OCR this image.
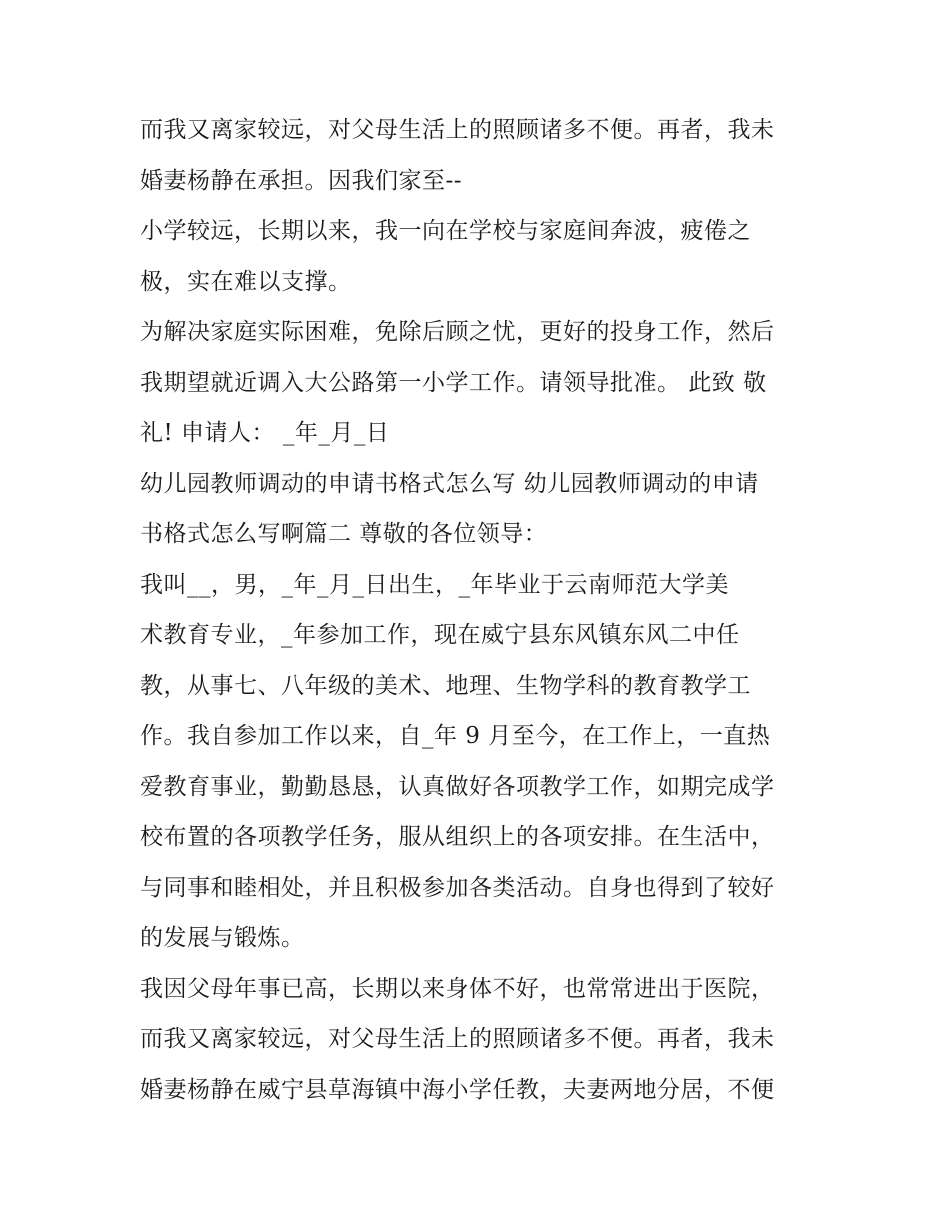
而我又离家较远，对父母生活上的照顾诸多不便。再者，我未
婚妻杨静在承担。因我们家至--
小学较远，长期以来，我一向在学校与家庭间奔波，疲倦之
极，实在难以支撑。
为解决家庭实际困难，免除后顾之忧，更好的投身工作，然后
我期望就近调入大公路第一小学工作。请领导批准。 此致 敬
礼! 申请人： _年_月_日
幼儿园教师调动的申请书格式怎么写 幼儿园教师调动的申请
书格式怎么写啊篇二 尊敬的各位领导：
我叫__，男，_年_月_日出生，_年毕业于云南师范大学美
术教育专业，_年参加工作，现在威宁县东风镇东风二中任
教，从事七、八年级的美术、地理、生物学科的教育教学工
作。我自参加工作以来，自_年 9 月至今，在工作上，一直热
爱教育事业，勤勤恳恳，认真做好各项教学工作，如期完成学
校布置的各项教学任务，服从组织上的各项安排。在生活中，
与同事和睦相处，并且积极参加各类活动。自身也得到了较好
的发展与锻炼。
我因父母年事已高，长期以来身体不好，也常常进出于医院，
而我又离家较远，对父母生活上的照顾诸多不便。再者，我未
婚妻杨静在威宁县草海镇中海小学任教，夫妻两地分居，不便
